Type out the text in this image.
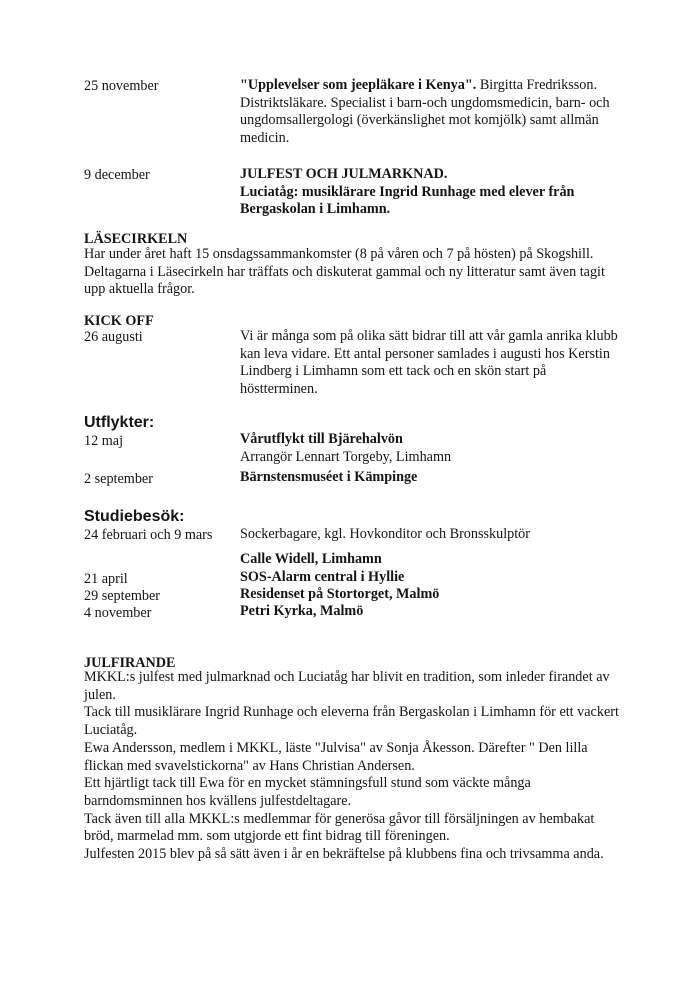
25 november	"Upplevelser som jeepläkare i Kenya". Birgitta Fredriksson.
Distriktsläkare. Specialist i barn-och ungdomsmedicin, barn- och
ungdomsallergologi (överkänslighet mot komjölk) samt allmän
medicin.
9 december	JULFEST OCH JULMARKNAD.
Luciatåg: musiklärare Ingrid Runhage med elever från
Bergaskolan i Limhamn.
LÄSECIRKELN
Har under året haft 15 onsdagssammankomster (8 på våren och 7 på hösten) på Skogshill.
Deltagarna i Läsecirkeln har träffats och diskuterat gammal och ny litteratur samt även tagit
upp aktuella frågor.
KICK OFF
26 augusti	Vi är många som på olika sätt bidrar till att vår gamla anrika klubb
kan leva vidare. Ett antal personer samlades i augusti hos Kerstin
Lindberg i Limhamn som ett tack och en skön start på
höstterminen.
Utflykter:
12 maj	Vårutflykt till Bjärehalvön
Arrangör Lennart Torgeby, Limhamn
2 september	Bärnstensmuséet i Kämpinge
Studiebesök:
24 februari och 9 mars Sockerbagare, kgl. Hovkonditor och Bronsskulptör
Calle Widell, Limhamn
21 april	SOS-Alarm central i Hyllie
29 september	Residenset på Stortorget, Malmö
4 november	Petri Kyrka, Malmö
JULFIRANDE
MKKL:s julfest med julmarknad och Luciatåg har blivit en tradition, som inleder firandet av
julen.
Tack till musiklärare Ingrid Runhage och eleverna från Bergaskolan i Limhamn för ett vackert
Luciatåg.
Ewa Andersson, medlem i MKKL, läste "Julvisa" av Sonja Åkesson. Därefter " Den lilla
flickan med svavelstickorna" av Hans Christian Andersen.
Ett hjärtligt tack till Ewa för en mycket stämningsfull stund som väckte många
barndomsminnen hos kvällens julfestdeltagare.
Tack även till alla MKKL:s medlemmar för generösa gåvor till försäljningen av hembakat
bröd, marmelad mm. som utgjorde ett fint bidrag till föreningen.
Julfesten 2015 blev på så sätt även i år en bekräftelse på klubbens fina och trivsamma anda.
